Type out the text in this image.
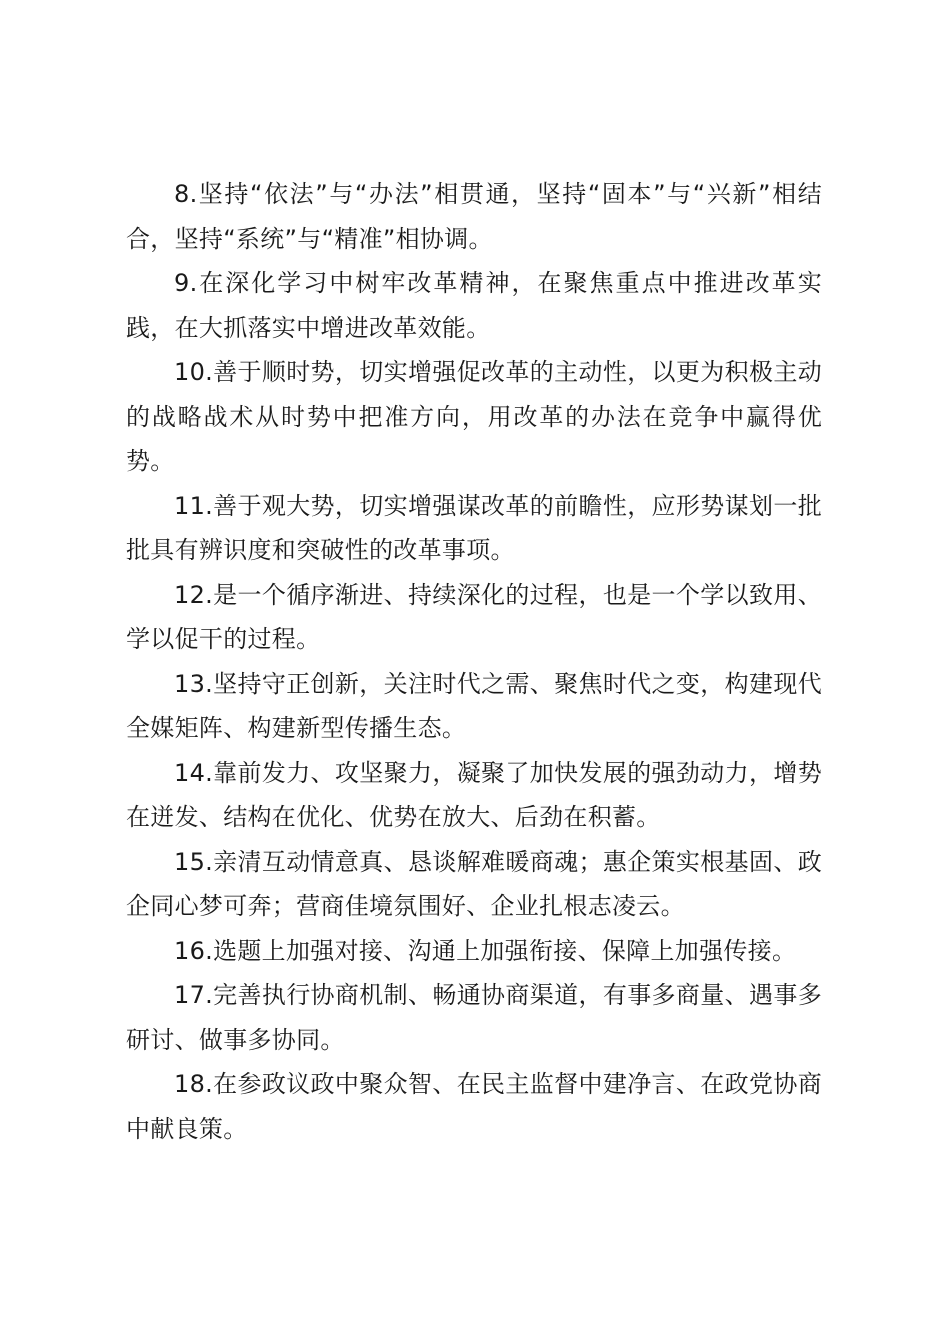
8.坚持“依法”与“办法”相贯通，坚持“固本”与“兴新”相结合，坚持“系统”与“精准”相协调。

9.在深化学习中树牢改革精神，在聚焦重点中推进改革实践，在大抓落实中增进改革效能。

10.善于顺时势，切实增强促改革的主动性，以更为积极主动的战略战术从时势中把准方向，用改革的办法在竞争中赢得优势。

11.善于观大势，切实增强谋改革的前瞻性，应形势谋划一批批具有辨识度和突破性的改革事项。

12.是一个循序渐进、持续深化的过程，也是一个学以致用、学以促干的过程。

13.坚持守正创新，关注时代之需、聚焦时代之变，构建现代全媒矩阵、构建新型传播生态。

14.靠前发力、攻坚聚力，凝聚了加快发展的强劲动力，增势在迸发、结构在优化、优势在放大、后劲在积蓄。

15.亲清互动情意真、恳谈解难暖商魂；惠企策实根基固、政企同心梦可奔；营商佳境氛围好、企业扎根志凌云。

16.选题上加强对接、沟通上加强衔接、保障上加强传接。

17.完善执行协商机制、畅通协商渠道，有事多商量、遇事多研讨、做事多协同。

18.在参政议政中聚众智、在民主监督中建净言、在政党协商中献良策。
